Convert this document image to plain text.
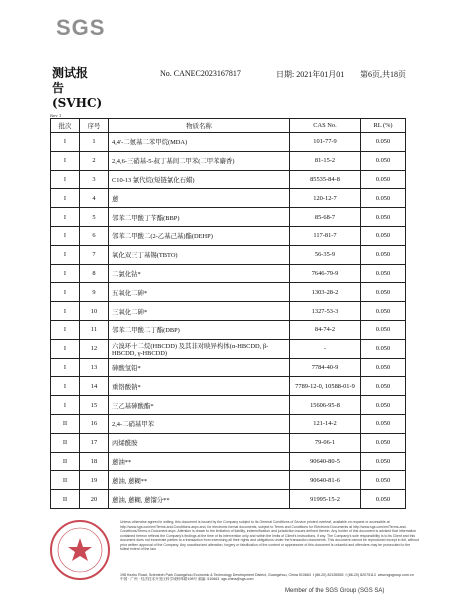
SGS
测试报
告
(SVHC)
No. CANEC2023167817	日期: 2021年01月01 第6页,共18页
Rev 1
批次	序号	物质名称	CAS No.	RL (%)
I	1	4,4'-二氨基二苯甲烷(MDA)	101-77-9	0.050
I	2	2,4,6-三硝基-5-叔丁基间二甲苯(二甲苯麝香)	81-15-2	0.050
I	3	C10-13 氯代烷(短链氯化石蜡)	85535-84-8	0.050
I	4	蒽	120-12-7	0.050
I	5	邻苯二甲酸丁苄酯(BBP)	85-68-7	0.050
I	6	邻苯二甲酸二(2-乙基己基)酯(DEHP)	117-81-7	0.050
I	7	氧化双三丁基锡(TBTO)	56-35-9	0.050
I	8	二氯化钴*	7646-79-9	0.050
I	9	五氧化二砷*	1303-28-2	0.050
I	10	三氧化二砷*	1327-53-3	0.050
I	11	邻苯二甲酸二丁酯(DBP)	84-74-2	0.050
I	12	六溴环十二烷(HBCDD) 及其非对映异构体(α-HBCDD, β-HBCDD, γ-HBCDD)	-	0.050
I	13	砷酸氢铅*	7784-40-9	0.050
I	14	重铬酸钠*	7789-12-0, 10588-01-9	0.050
I	15	三乙基砷酸酯*	15606-95-8	0.050
II	16	2,4-二硝基甲苯	121-14-2	0.050
II	17	丙烯酰胺	79-06-1	0.050
II	18	蒽油**	90640-80-5	0.050
II	19	蒽油, 蒽糊**	90640-81-6	0.050
II	20	蒽油, 蒽糊, 蒽馏分**	91995-15-2	0.050
Unless otherwise agreed in writing, this document is issued by the Company subject to its General Conditions of Service printed overleaf, available on request or accessible at http://www.sgs.com/en/Terms-and-Conditions.aspx and, for electronic format documents, subject to Terms and Conditions for Electronic Documents at http://www.sgs.com/en/Terms-and-Conditions/Terms-e-Document.aspx. Attention is drawn to the limitation of liability, indemnification and jurisdiction issues defined therein. Any holder of this document is advised that information contained hereon reflects the Company's findings at the time of its intervention only and within the limits of Client's instructions, if any. The Company's sole responsibility is to its Client and this document does not exonerate parties to a transaction from exercising all their rights and obligations under the transaction documents. This document cannot be reproduced except in full, without prior written approval of the Company. Any unauthorized alteration, forgery or falsification of the content or appearance of this document is unlawful and offenders may be prosecuted to the fullest extent of the law.
198 Kezhu Road, Scientech Park Guangzhou Economic & Technology Development District, Guangzhou, China 510663 t (86-20) 82155555 f (86-20) 82075113 www.sgsgroup.com.cn
中国 · 广州 · 经济技术开发区科学城科珠路198号 邮编: 510663 sgs.china@sgs.com
Member of the SGS Group (SGS SA)
